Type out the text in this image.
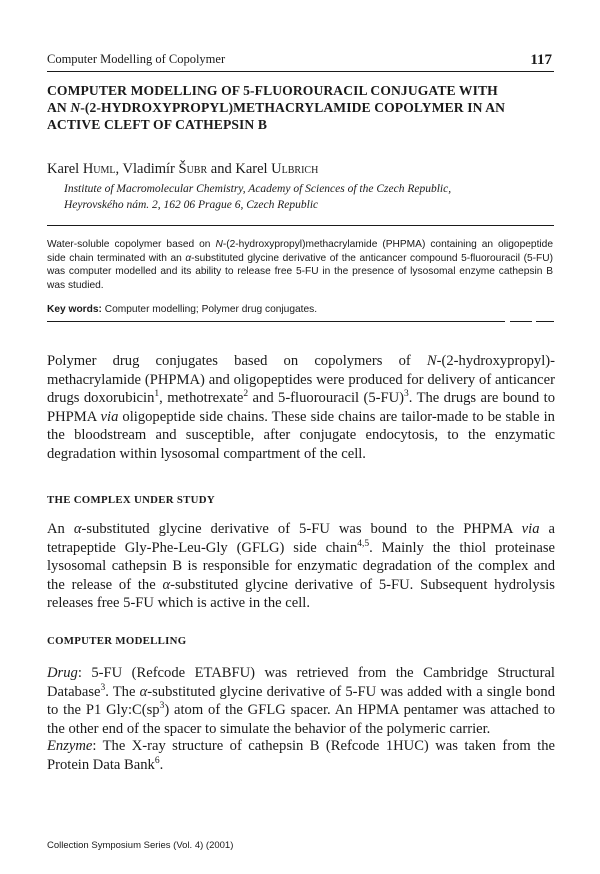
Computer Modelling of Copolymer	117
COMPUTER MODELLING OF 5-FLUOROURACIL CONJUGATE WITH
AN N-(2-HYDROXYPROPYL)METHACRYLAMIDE COPOLYMER IN AN
ACTIVE CLEFT OF CATHEPSIN B
Karel Huml, Vladimír Šubr and Karel Ulbrich
Institute of Macromolecular Chemistry, Academy of Sciences of the Czech Republic,
Heyrovského nám. 2, 162 06 Prague 6, Czech Republic

Water-soluble copolymer based on N-(2-hydroxypropyl)methacrylamide (PHPMA) containing an oligopeptide side chain terminated with an α-substituted glycine derivative of the anticancer compound 5-fluorouracil (5-FU) was computer modelled and its ability to release free 5-FU in the presence of lysosomal enzyme cathepsin B was studied.

Key words: Computer modelling; Polymer drug conjugates.

Polymer drug conjugates based on copolymers of N-(2-hydroxypropyl)-methacrylamide (PHPMA) and oligopeptides were produced for delivery of anticancer drugs doxorubicin$^1$, methotrexate$^2$ and 5-fluorouracil $(5-FU)^3$. The drugs are bound to PHPMA via oligopeptide side chains. These side chains are tailor-made to be stable in the bloodstream and susceptible, after conjugate endocytosis, to the enzymatic degradation within lysosomal compartment of the cell.

THE COMPLEX UNDER STUDY

An α-substituted glycine derivative of 5-FU was bound to the PHPMA via a tetrapeptide Gly-Phe-Leu-Gly (GFLG) side chain$^{4,5}$. Mainly the thiol proteinase lysosomal cathepsin B is responsible for enzymatic degradation of the complex and the release of the α-substituted glycine derivative of 5-FU. Subsequent hydrolysis releases free 5-FU which is active in the cell.

COMPUTER MODELLING

Drug: 5-FU (Refcode ETABFU) was retrieved from the Cambridge Structural Database$^3$. The α-substituted glycine derivative of 5-FU was added with a single bond to the P1 $Gly:C(sp^3)$ atom of the GFLG spacer. An HPMA pentamer was attached to the other end of the spacer to simulate the behavior of the polymeric carrier.

Enzyme: The X-ray structure of cathepsin B (Refcode 1HUC) was taken from the Protein Data Bank$^6$.

Collection Symposium Series (Vol. 4) (2001)
